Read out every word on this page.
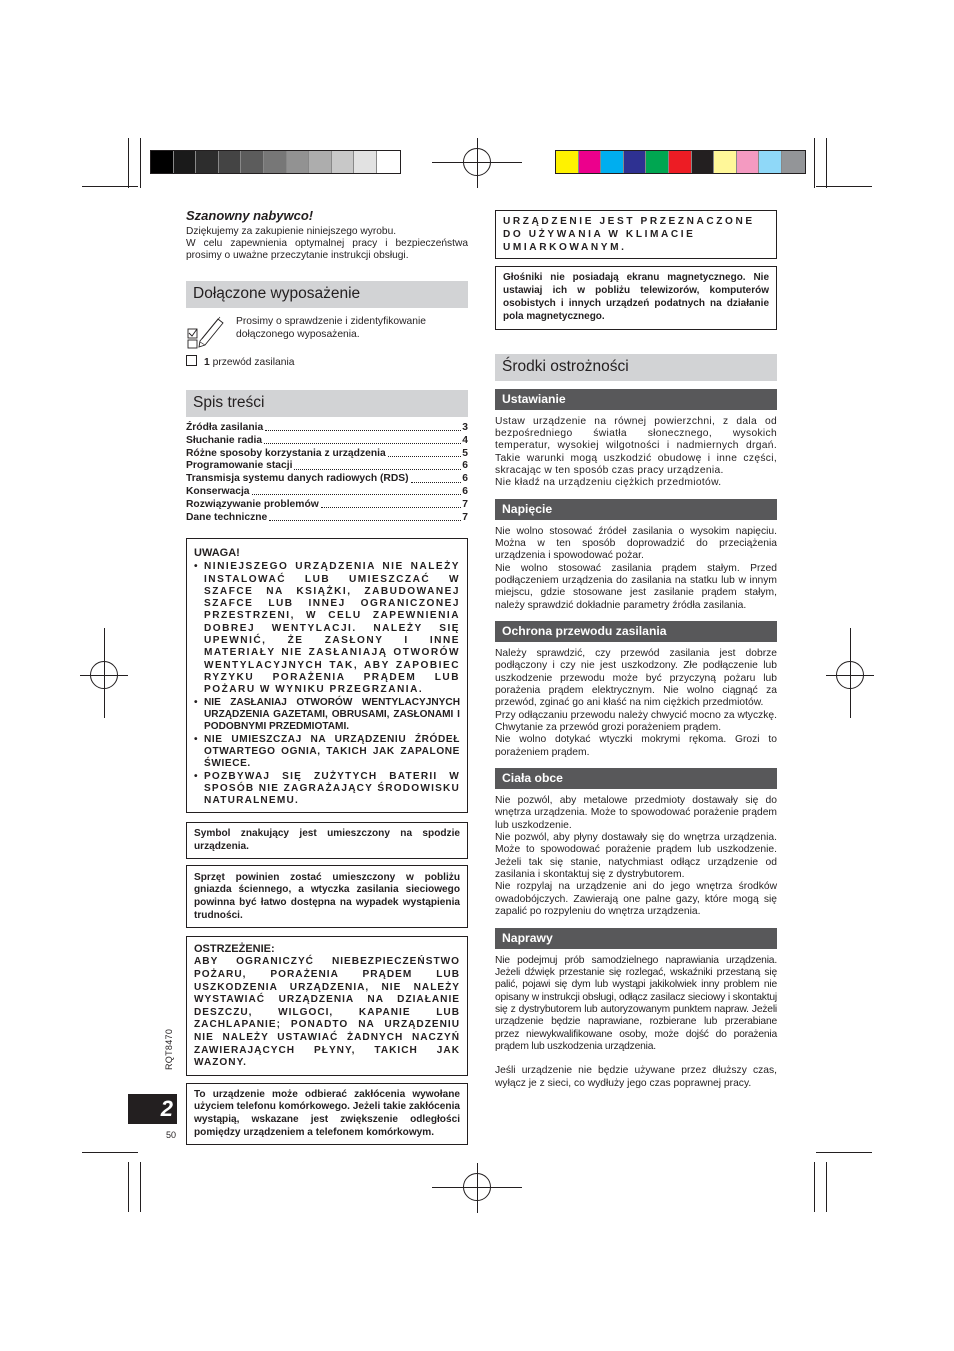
Szanowny nabywco!
Dziękujemy za zakupienie niniejszego wyrobu.
W celu zapewnienia optymalnej pracy i bezpieczeństwa prosimy o uważne przeczytanie instrukcji obsługi.
Dołączone wyposażenie
Prosimy o sprawdzenie i zidentyfikowanie dołączonego wyposażenia.
1 przewód zasilania
Spis treści
Źródła zasilania	3
Słuchanie radia	4
Różne sposoby korzystania z urządzenia	5
Programowanie stacji	6
Transmisja systemu danych radiowych (RDS)	6
Konserwacja	6
Rozwiązywanie problemów	7
Dane techniczne	7
UWAGA!
• NINIEJSZEGO URZĄDZENIA NIE NALEŻY INSTALOWAĆ LUB UMIESZCZAĆ W SZAFCE NA KSIĄŻKI, ZABUDOWANEJ SZAFCE LUB INNEJ OGRANICZONEJ PRZESTRZENI, W CELU ZAPEWNIENIA DOBREJ WENTYLACJI. NALEŻY SIĘ UPEWNIĆ, ŻE ZASŁONY I INNE MATERIAŁY NIE ZASŁANIAJĄ OTWORÓW WENTYLACYJNYCH TAK, ABY ZAPOBIEC RYZYKU PORAŻENIA PRĄDEM LUB POŻARU W WYNIKU PRZEGRZANIA.
• NIE ZASŁANIAJ OTWORÓW WENTYLACYJNYCH URZĄDZENIA GAZETAMI, OBRUSAMI, ZASŁONAMI I PODOBNYMI PRZEDMIOTAMI.
• NIE UMIESZCZAJ NA URZĄDZENIU ŹRÓDEŁ OTWARTEGO OGNIA, TAKICH JAK ZAPALONE ŚWIECE.
• POZBYWAJ SIĘ ZUŻYTYCH BATERII W SPOSÓB NIE ZAGRAŻAJĄCY ŚRODOWISKU NATURALNEMU.
Symbol znakujący jest umieszczony na spodzie urządzenia.
Sprzęt powinien zostać umieszczony w pobliżu gniazda ściennego, a wtyczka zasilania sieciowego powinna być łatwo dostępna na wypadek wystąpienia trudności.
OSTRZEŻENIE:
ABY OGRANICZYĆ NIEBEZPIECZEŃSTWO POŻARU, PORAŻENIA PRĄDEM LUB USZKODZENIA URZĄDZENIA, NIE NALEŻY WYSTAWIAĆ URZĄDZENIA NA DZIAŁANIE DESZCZU, WILGOCI, KAPANIE LUB ZACHLAPANIE; PONADTO NA URZĄDZENIU NIE NALEŻY USTAWIAĆ ŻADNYCH NACZYŃ ZAWIERAJĄCYCH PŁYNY, TAKICH JAK WAZONY.
To urządzenie może odbierać zakłócenia wywołane użyciem telefonu komórkowego. Jeżeli takie zakłócenia wystąpią, wskazane jest zwiększenie odległości pomiędzy urządzeniem a telefonem komórkowym.
URZĄDZENIE JEST PRZEZNACZONE DO UŻYWANIA W KLIMACIE UMIARKOWANYM.
Głośniki nie posiadają ekranu magnetycznego. Nie ustawiaj ich w pobliżu telewizorów, komputerów osobistych i innych urządzeń podatnych na działanie pola magnetycznego.
Środki ostrożności
Ustawianie
Ustaw urządzenie na równej powierzchni, z dala od bezpośredniego światła słonecznego, wysokich temperatur, wysokiej wilgotności i nadmiernych drgań. Takie warunki mogą uszkodzić obudowę i inne części, skracając w ten sposób czas pracy urządzenia.
Nie kładź na urządzeniu ciężkich przedmiotów.
Napięcie
Nie wolno stosować źródeł zasilania o wysokim napięciu. Można w ten sposób doprowadzić do przeciążenia urządzenia i spowodować pożar.
Nie wolno stosować zasilania prądem stałym. Przed podłączeniem urządzenia do zasilania na statku lub w innym miejscu, gdzie stosowane jest zasilanie prądem stałym, należy sprawdzić dokładnie parametry źródła zasilania.
Ochrona przewodu zasilania
Należy sprawdzić, czy przewód zasilania jest dobrze podłączony i czy nie jest uszkodzony. Złe podłączenie lub uszkodzenie przewodu może być przyczyną pożaru lub porażenia prądem elektrycznym. Nie wolno ciągnąć za przewód, zginać go ani kłaść na nim ciężkich przedmiotów.
Przy odłączaniu przewodu należy chwycić mocno za wtyczkę. Chwytanie za przewód grozi porażeniem prądem.
Nie wolno dotykać wtyczki mokrymi rękoma. Grozi to porażeniem prądem.
Ciała obce
Nie pozwól, aby metalowe przedmioty dostawały się do wnętrza urządzenia. Może to spowodować porażenie prądem lub uszkodzenie.
Nie pozwól, aby płyny dostawały się do wnętrza urządzenia. Może to spowodować porażenie prądem lub uszkodzenie. Jeżeli tak się stanie, natychmiast odłącz urządzenie od zasilania i skontaktuj się z dystrybutorem.
Nie rozpylaj na urządzenie ani do jego wnętrza środków owadobójczych. Zawierają one palne gazy, które mogą się zapalić po rozpyleniu do wnętrza urządzenia.
Naprawy
Nie podejmuj prób samodzielnego naprawiania urządzenia. Jeżeli dźwięk przestanie się rozlegać, wskaźniki przestaną się palić, pojawi się dym lub wystąpi jakikolwiek inny problem nie opisany w instrukcji obsługi, odłącz zasilacz sieciowy i skontaktuj się z dystrybutorem lub autoryzowanym punktem napraw. Jeżeli urządzenie będzie naprawiane, rozbierane lub przerabiane przez niewykwalifikowane osoby, może dojść do porażenia prądem lub uszkodzenia urządzenia.
Jeśli urządzenie nie będzie używane przez dłuższy czas, wyłącz je z sieci, co wydłuży jego czas poprawnej pracy.
RQT8470
2
50
